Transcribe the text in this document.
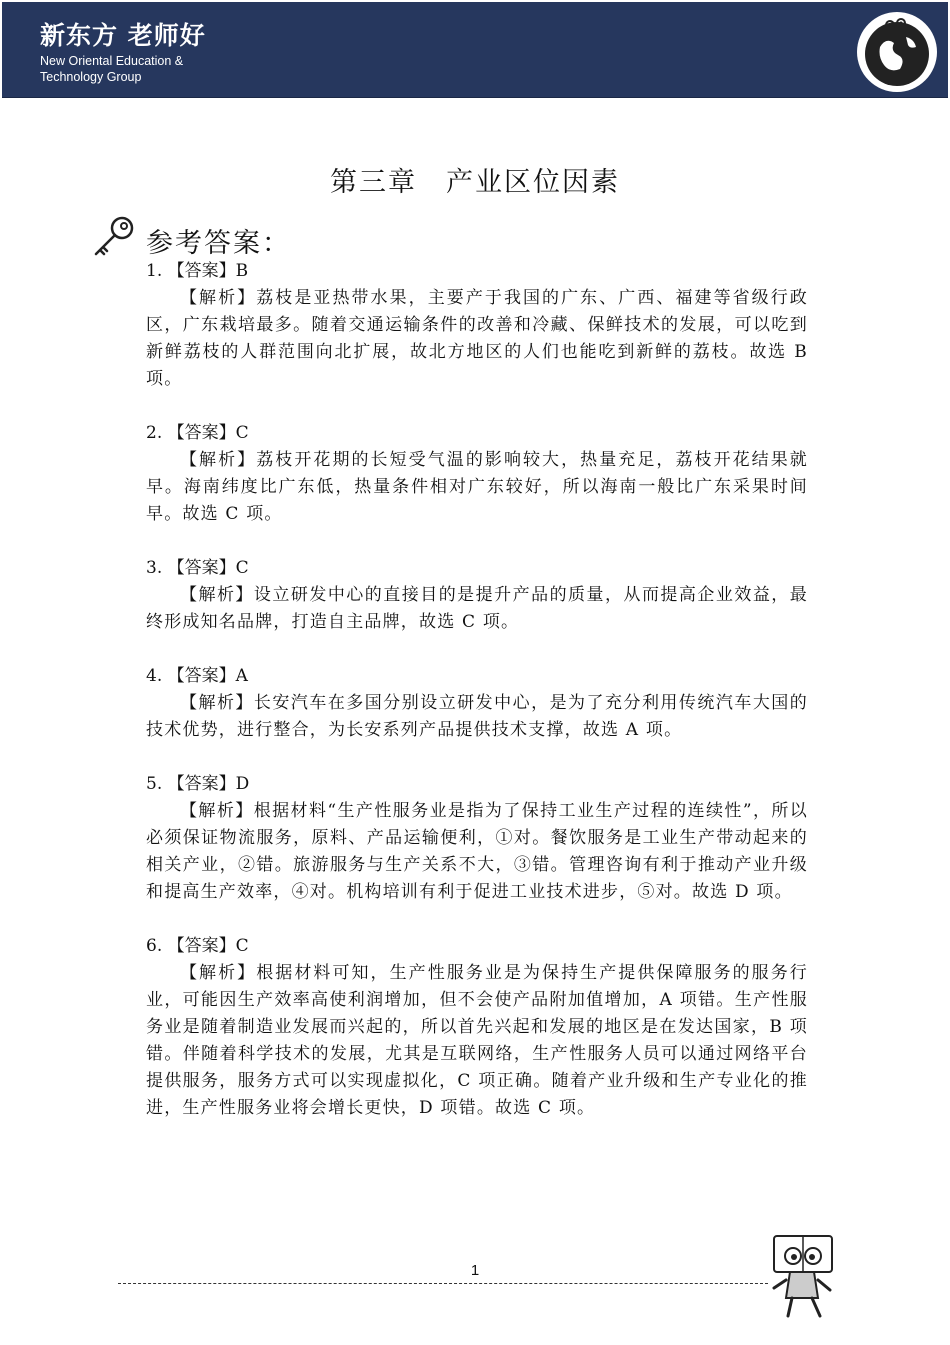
新东方 老师好
New Oriental Education &
Technology Group
第三章　产业区位因素
参考答案：
1. 【答案】B
【解析】荔枝是亚热带水果，主要产于我国的广东、广西、福建等省级行政区，广东栽培最多。随着交通运输条件的改善和冷藏、保鲜技术的发展，可以吃到新鲜荔枝的人群范围向北扩展，故北方地区的人们也能吃到新鲜的荔枝。故选 B 项。
2. 【答案】C
【解析】荔枝开花期的长短受气温的影响较大，热量充足，荔枝开花结果就早。海南纬度比广东低，热量条件相对广东较好，所以海南一般比广东采果时间早。故选 C 项。
3. 【答案】C
【解析】设立研发中心的直接目的是提升产品的质量，从而提高企业效益，最终形成知名品牌，打造自主品牌，故选 C 项。
4. 【答案】A
【解析】长安汽车在多国分别设立研发中心，是为了充分利用传统汽车大国的技术优势，进行整合，为长安系列产品提供技术支撑，故选 A 项。
5. 【答案】D
【解析】根据材料“生产性服务业是指为了保持工业生产过程的连续性”，所以必须保证物流服务，原料、产品运输便利，①对。餐饮服务是工业生产带动起来的相关产业，②错。旅游服务与生产关系不大，③错。管理咨询有利于推动产业升级和提高生产效率，④对。机构培训有利于促进工业技术进步，⑤对。故选 D 项。
6. 【答案】C
【解析】根据材料可知，生产性服务业是为保持生产提供保障服务的服务行业，可能因生产效率高使利润增加，但不会使产品附加值增加，A 项错。生产性服务业是随着制造业发展而兴起的，所以首先兴起和发展的地区是在发达国家，B 项错。伴随着科学技术的发展，尤其是互联网络，生产性服务人员可以通过网络平台提供服务，服务方式可以实现虚拟化，C 项正确。随着产业升级和生产专业化的推进，生产性服务业将会增长更快，D 项错。故选 C 项。
1
